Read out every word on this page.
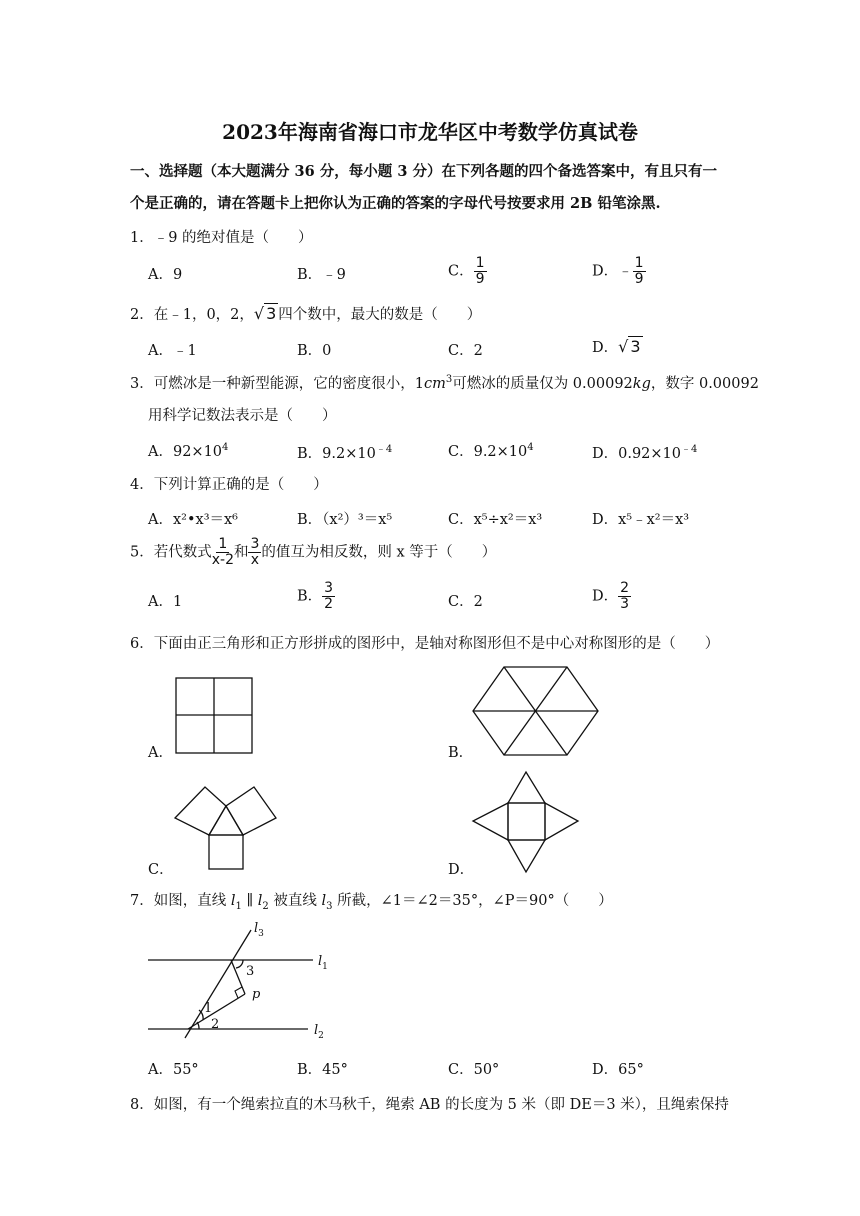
2023年海南省海口市龙华区中考数学仿真试卷
一、选择题（本大题满分 36 分，每小题 3 分）在下列各题的四个备选答案中，有且只有一
个是正确的，请在答题卡上把你认为正确的答案的字母代号按要求用 2B 铅笔涂黑.
1．﹣9 的绝对值是（　　）
A．9	B．﹣9	C． $\frac{1}{9}$	D．﹣ $\frac{1}{9}$
2．在﹣1，0，2，√ 3 四个数中，最大的数是（　　）
A．﹣1	B．0	C．2	D．√ 3
3．可燃冰是一种新型能源，它的密度很小，$1cm^3$可燃冰的质量仅为 0.00092kg，数字 0.00092
用科学记数法表示是（　　）
A．$92\times 10^4$	B．$9.2\times 10^{﹣4}$	C．$9.2\times 10^4$	D．$0.92\times 10^{﹣4}$
4．下列计算正确的是（　　）
A．x²•x³＝x⁶	B．（x²）³＝x⁵	C．x⁵÷x²＝x³	D．x⁵﹣x²＝x³
5．若代数式 $\frac{1}{x-2}$ 和 $\frac{3}{x}$ 的值互为相反数，则 x 等于（　　）
A．1	B． $\frac{3}{2}$	C．2	D． $\frac{2}{3}$
6．下面由正三角形和正方形拼成的图形中，是轴对称图形但不是中心对称图形的是（　　）
A．	B．
C．	D．
7．如图，直线 $l_1$ ∥ $l_2$ 被直线 $l_3$ 所截，∠1＝∠2＝35°，∠P＝90°（　　）
$l_3$
$l_1$
$l_2$
3
p
1
2
A．55°	B．45°	C．50°	D．65°
8．如图，有一个绳索拉直的木马秋千，绳索 AB 的长度为 5 米（即 DE＝3 米），且绳索保持
